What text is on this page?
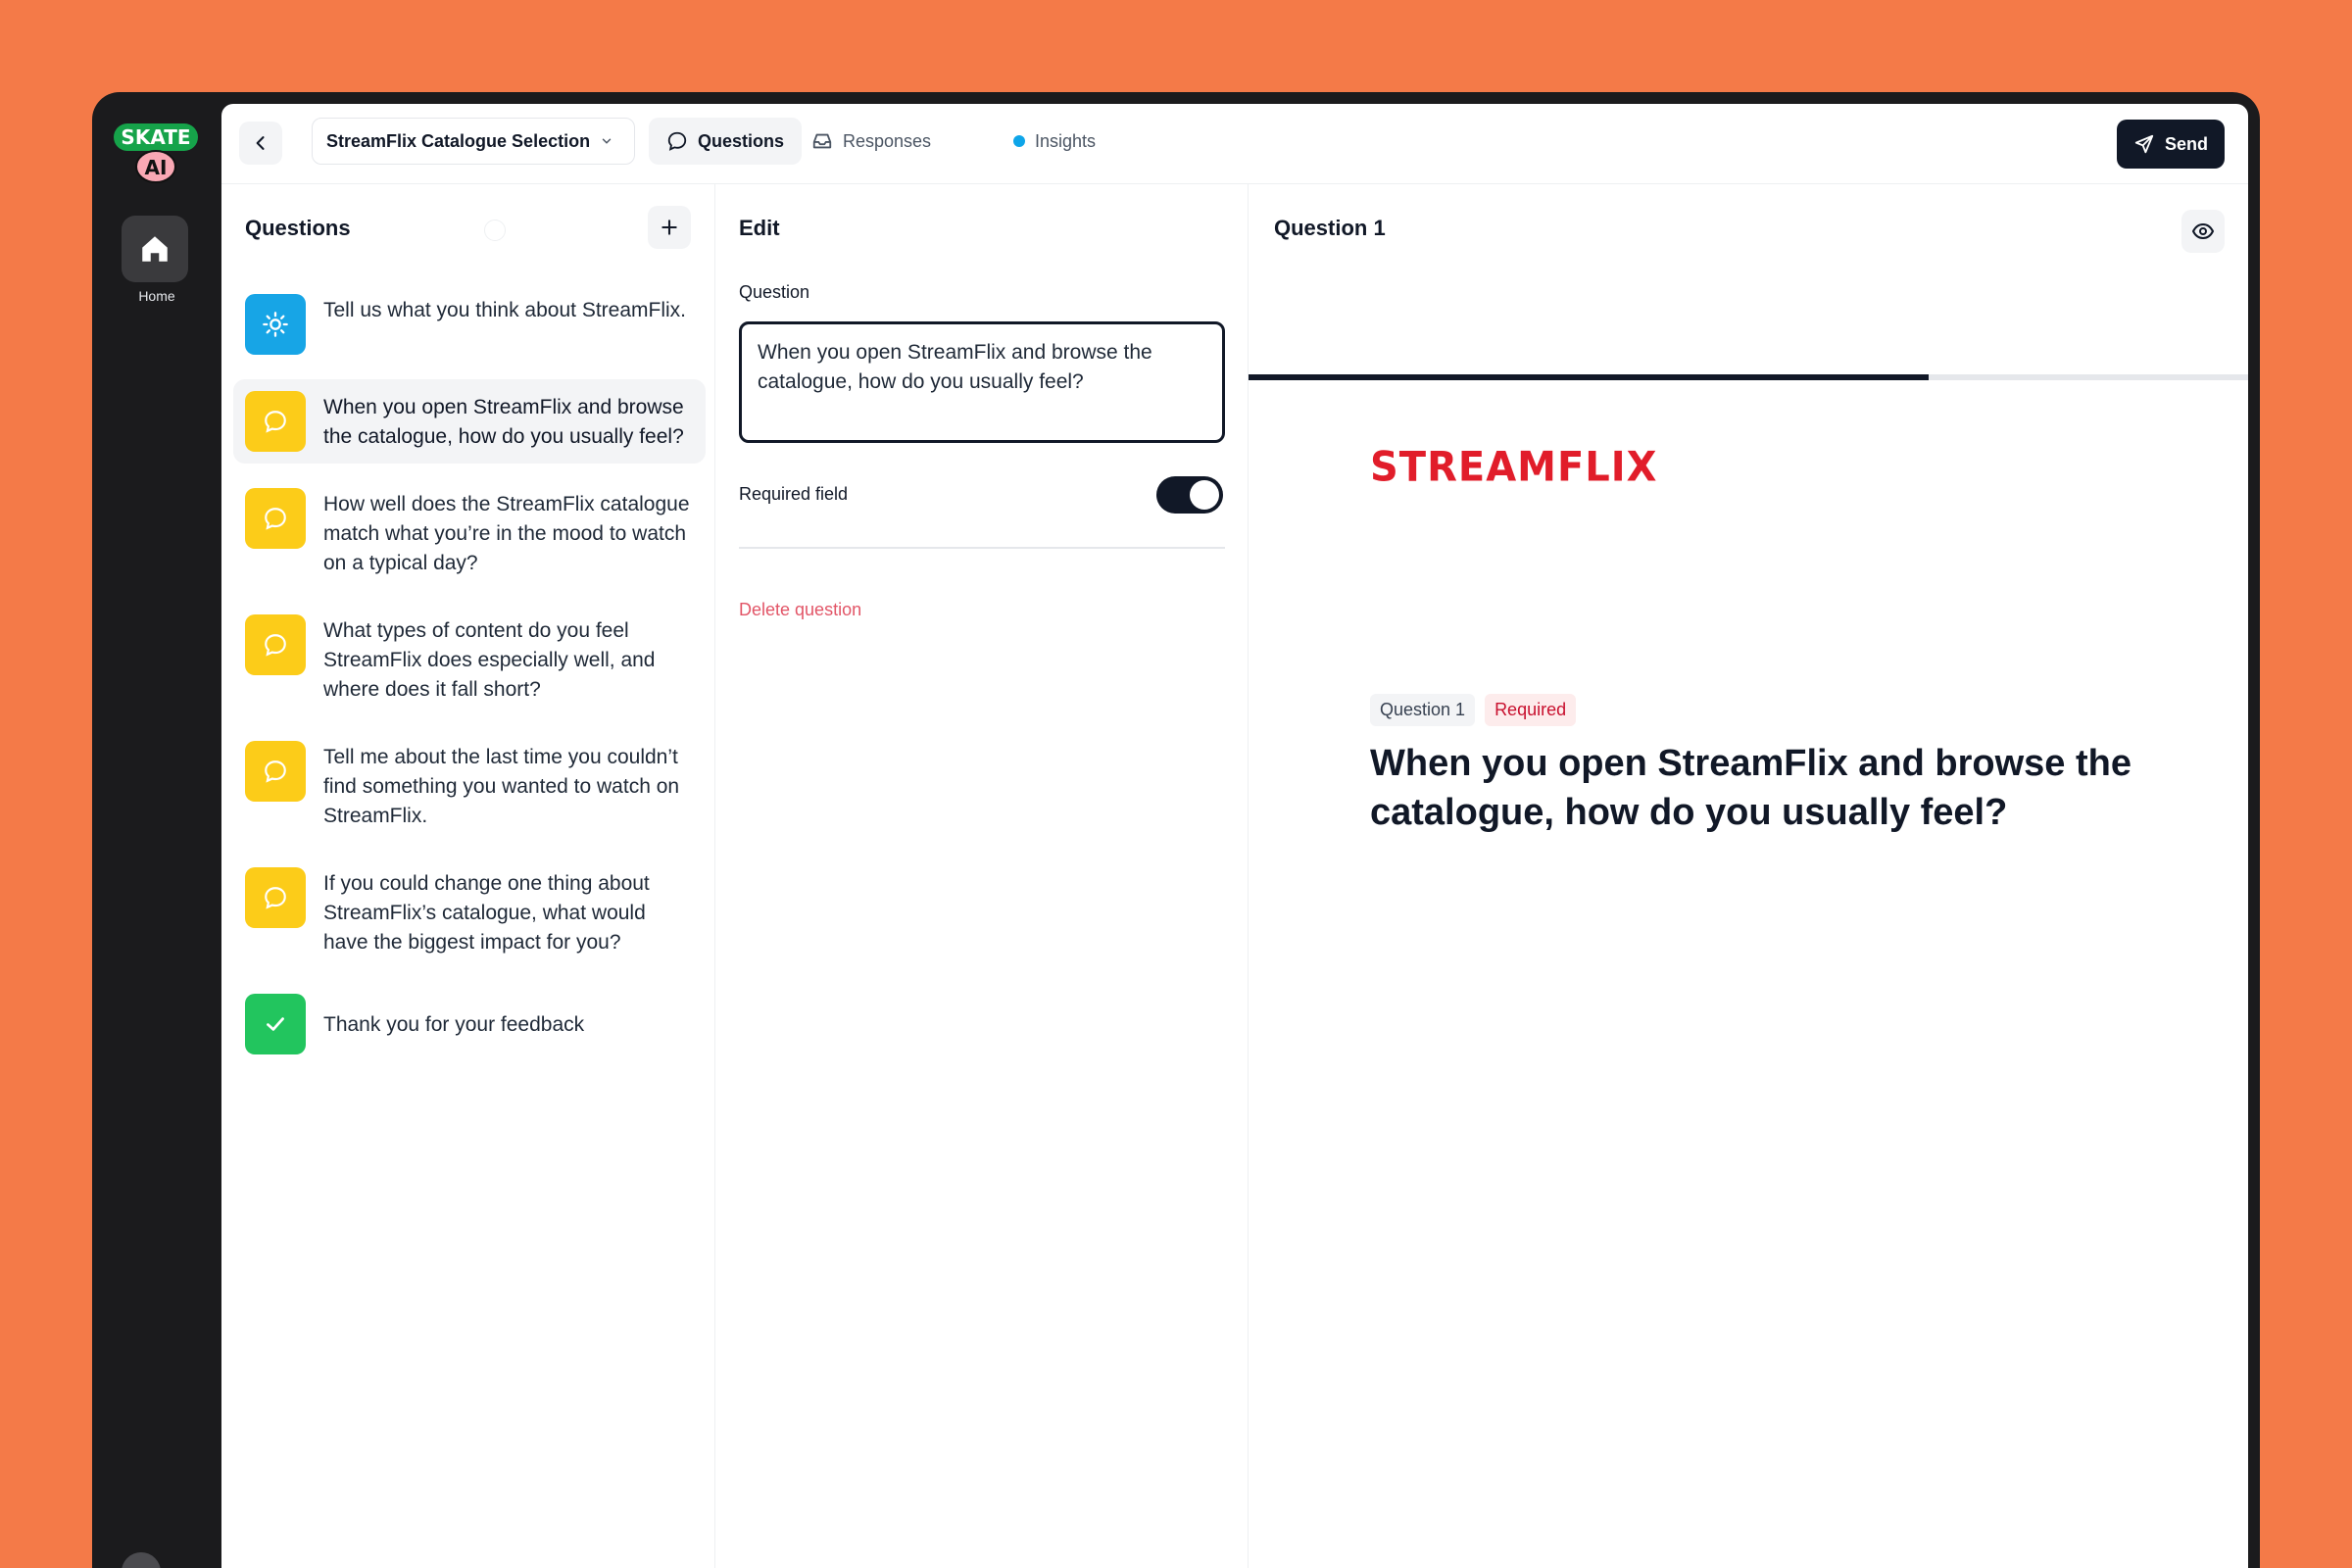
SKATE
AI
Home
StreamFlix Catalogue Selection	Questions	Responses	Insights	Send
Questions
Tell us what you think about StreamFlix.
When you open StreamFlix and browse the catalogue, how do you usually feel?
How well does the StreamFlix catalogue match what you’re in the mood to watch on a typical day?
What types of content do you feel StreamFlix does especially well, and where does it fall short?
Tell me about the last time you couldn’t find something you wanted to watch on StreamFlix.
If you could change one thing about StreamFlix’s catalogue, what would have the biggest impact for you?
Thank you for your feedback
Edit
Question
When you open StreamFlix and browse the catalogue, how do you usually feel?
Required field
Delete question
Question 1
STREAMFLIX
Question 1	Required
When you open StreamFlix and browse the catalogue, how do you usually feel?
